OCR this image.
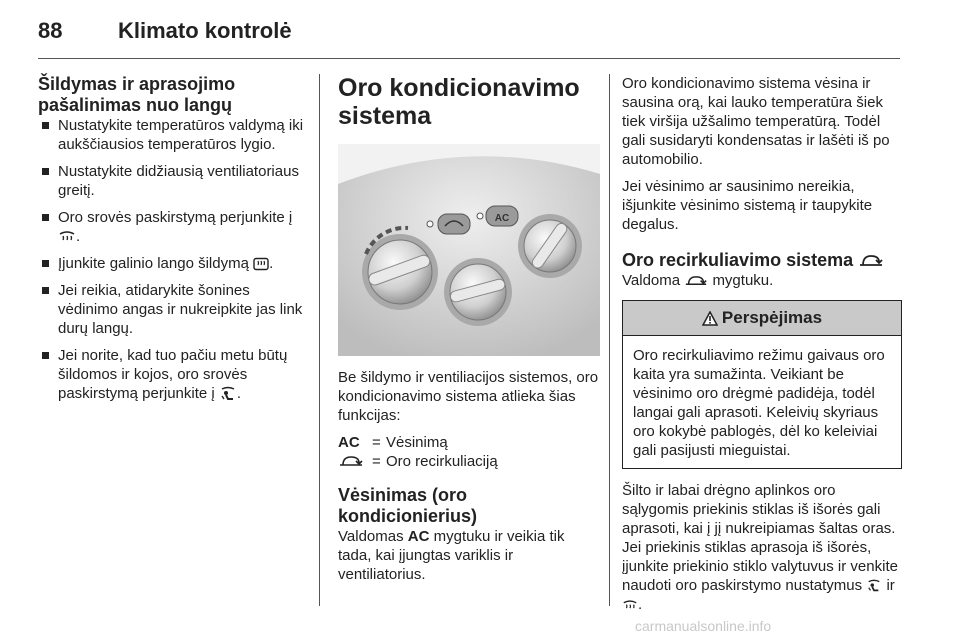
88	Klimato kontrolė
Šildymas ir aprasojimo pašalinimas nuo langų
Nustatykite temperatūros valdymą iki aukščiausios temperatūros lygio.
Nustatykite didžiausią ventiliatoriaus greitį.
Oro srovės paskirstymą perjunkite į
.
Įjunkite galinio lango šildymą .
Jei reikia, atidarykite šonines vėdinimo angas ir nukreipkite jas link durų langų.
Jei norite, kad tuo pačiu metu būtų šildomos ir kojos, oro srovės paskirstymą perjunkite į .
Oro kondicionavimo sistema
AC

Be šildymo ir ventiliacijos sistemos, oro kondicionavimo sistema atlieka šias funkcijas:

AC = Vėsinimą
= Oro recirkuliaciją
Vėsinimas (oro kondicionierius)

Valdomas AC mygtuku ir veikia tik tada, kai įjungtas variklis ir ventiliatorius.

Oro kondicionavimo sistema vėsina ir sausina orą, kai lauko temperatūra šiek tiek viršija užšalimo temperatūrą. Todėl gali susidaryti kondensatas ir lašėti iš po automobilio.

Jei vėsinimo ar sausinimo nereikia, išjunkite vėsinimo sistemą ir taupykite degalus.

Oro recirkuliavimo sistema

Valdoma mygtuku.

Perspėjimas
Oro recirkuliavimo režimu gaivaus oro kaita yra sumažinta. Veikiant be vėsinimo oro drėgmė padidėja, todėl langai gali aprasoti. Keleivių skyriaus oro kokybė pablogės, dėl ko keleiviai gali pasijusti mieguistai.

Šilto ir labai drėgno aplinkos oro sąlygomis priekinis stiklas iš išorės gali aprasoti, kai į jį nukreipiamas šaltas oras. Jei priekinis stiklas aprasoja iš išorės, įjunkite priekinio stiklo valytuvus ir venkite naudoti oro paskirstymo nustatymus ir .

carmanualsonline.info
